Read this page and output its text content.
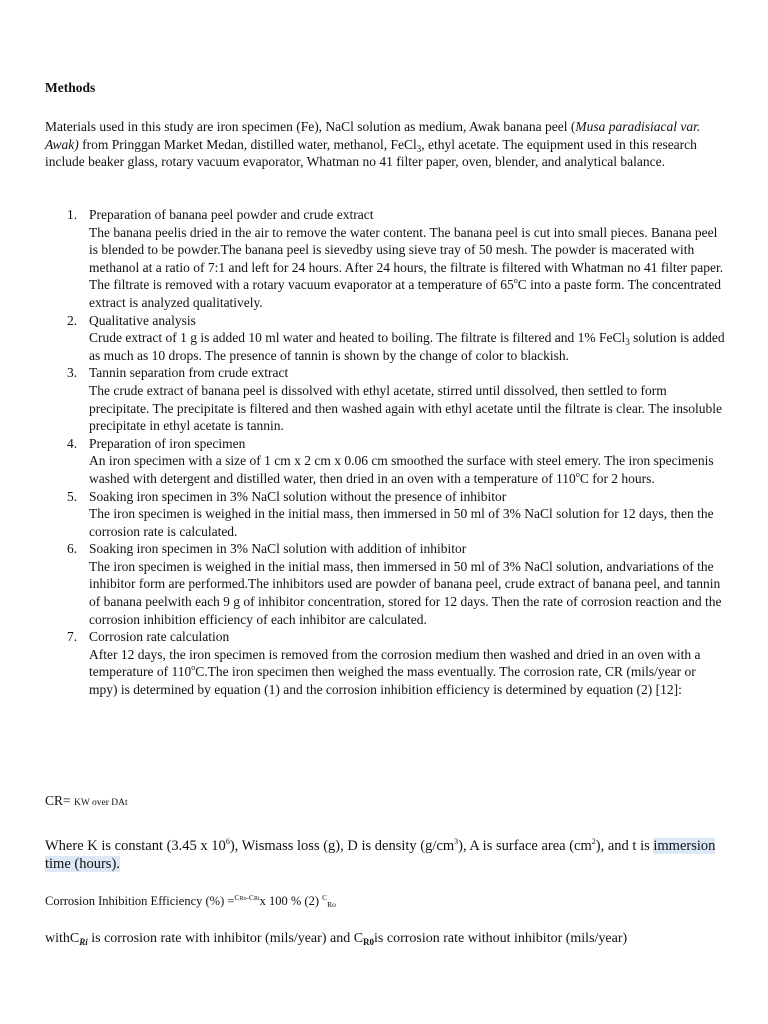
Methods

Materials used in this study are iron specimen (Fe), NaCl solution as medium, Awak banana peel (Musa paradisiacal var. Awak) from Pringgan Market Medan, distilled water, methanol, FeCl$_3$, ethyl acetate. The equipment used in this research include beaker glass, rotary vacuum evaporator, Whatman no 41 filter paper, oven, blender, and analytical balance.

1. Preparation of banana peel powder and crude extract
The banana peelis dried in the air to remove the water content. The banana peel is cut into small pieces. Banana peel is blended to be powder.The banana peel is sievedby using sieve tray of 50 mesh. The powder is macerated with methanol at a ratio of 7:1 and left for 24 hours. After 24 hours, the filtrate is filtered with Whatman no 41 filter paper. The filtrate is removed with a rotary vacuum evaporator at a temperature of 65$^o$C into a paste form. The concentrated extract is analyzed qualitatively.
2. Qualitative analysis
Crude extract of 1 g is added 10 ml water and heated to boiling. The filtrate is filtered and 1% FeCl$_3$ solution is added as much as 10 drops. The presence of tannin is shown by the change of color to blackish.
3. Tannin separation from crude extract
The crude extract of banana peel is dissolved with ethyl acetate, stirred until dissolved, then settled to form precipitate. The precipitate is filtered and then washed again with ethyl acetate until the filtrate is clear. The insoluble precipitate in ethyl acetate is tannin.
4. Preparation of iron specimen
An iron specimen with a size of 1 cm x 2 cm x 0.06 cm smoothed the surface with steel emery. The iron specimenis washed with detergent and distilled water, then dried in an oven with a temperature of 110$^o$C for 2 hours.
5. Soaking iron specimen in 3% NaCl solution without the presence of inhibitor
The iron specimen is weighed in the initial mass, then immersed in 50 ml of 3% NaCl solution for 12 days, then the corrosion rate is calculated.
6. Soaking iron specimen in 3% NaCl solution with addition of inhibitor
The iron specimen is weighed in the initial mass, then immersed in 50 ml of 3% NaCl solution, andvariations of the inhibitor form are performed.The inhibitors used are powder of banana peel, crude extract of banana peel, and tannin of banana peelwith each 9 g of inhibitor concentration, stored for 12 days. Then the rate of corrosion reaction and the corrosion inhibition efficiency of each inhibitor are calculated.
7. Corrosion rate calculation
After 12 days, the iron specimen is removed from the corrosion medium then washed and dried in an oven with a temperature of 110$^o$C.The iron specimen then weighed the mass eventually. The corrosion rate, CR (mils/year or mpy) is determined by equation (1) and the corrosion inhibition efficiency is determined by equation (2) [12]:
CR= KW over DAt

Where K is constant (3.45 x $10^6$), Wismass loss (g), D is density $(g/cm^3)$, A is surface area $(cm^2)$, and t is immersion time (hours).

Corrosion Inhibition Efficiency (%) =$^{CRo-CRi}$x 100 % (2) $^C$Ro
withC$_{Ri}$ is corrosion rate with inhibitor (mils/year) and $C_{R0}is$ corrosion rate without inhibitor (mils/year)
